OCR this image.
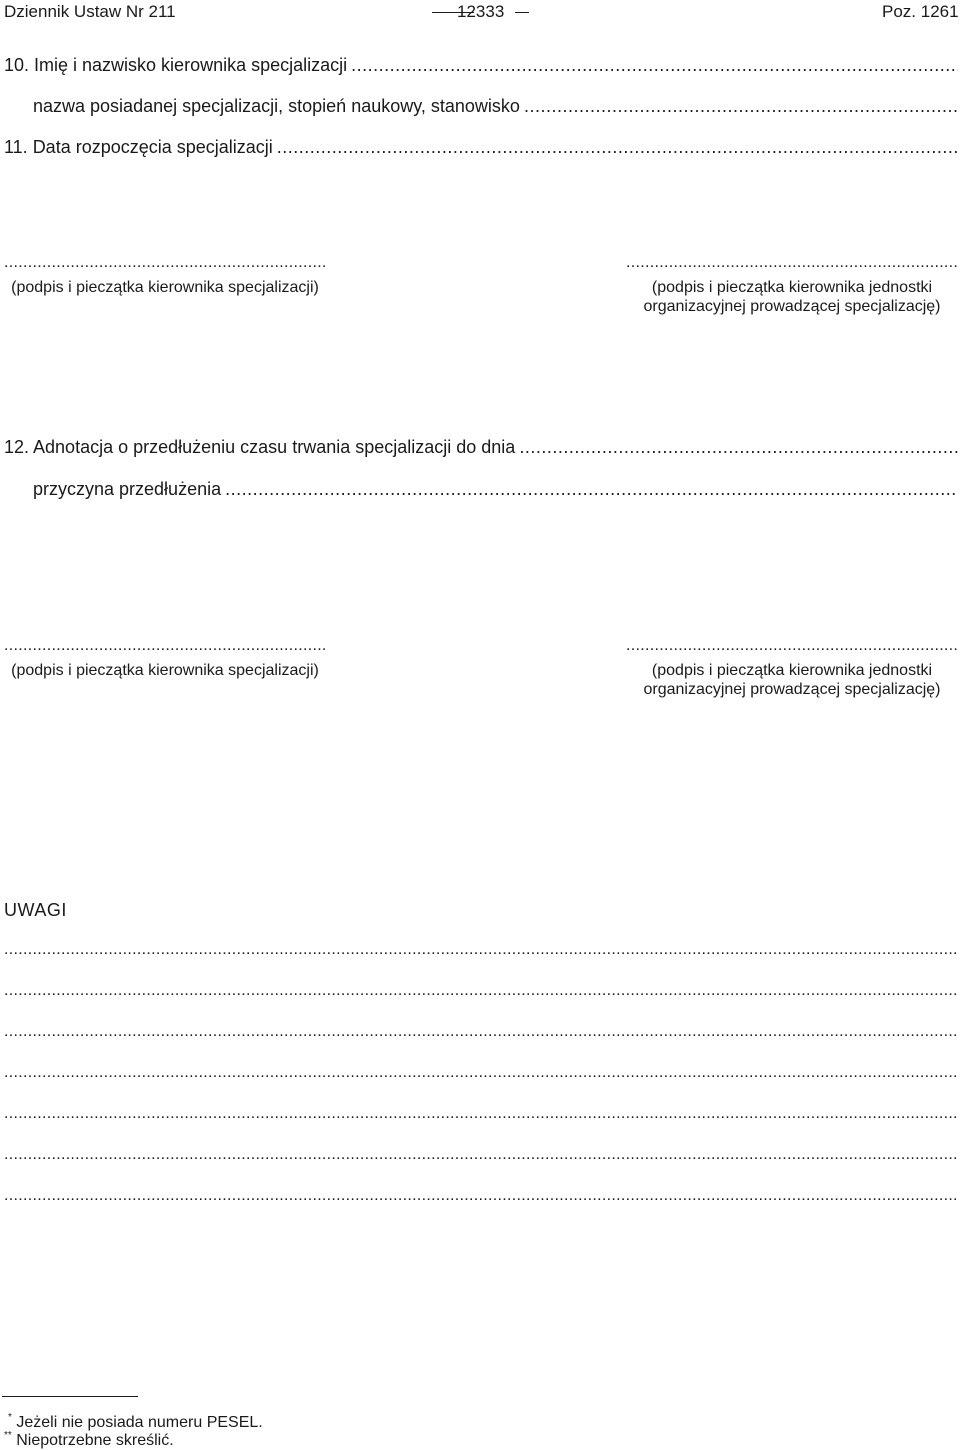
Dziennik Ustaw Nr 211	12333	Poz. 1261
10. Imię i nazwisko kierownika specjalizacji
.....
nazwa posiadanej specjalizacji, stopień naukowy, stanowisko
.....
11. Data rozpoczęcia specjalizacji
.....
.....
(podpis i pieczątka kierownika specjalizacji)
.....	(podpis i pieczątka kierownika jednostki
organizacyjnej prowadzącej specjalizację)
12. Adnotacja o przedłużeniu czasu trwania specjalizacji do dnia
.....
przyczyna przedłużenia
.....
.....
(podpis i pieczątka kierownika specjalizacji)
.....	(podpis i pieczątka kierownika jednostki
organizacyjnej prowadzącej specjalizację)
UWAGI
.....
.....
.....
.....
.....
.....
.....
* Jeżeli nie posiada numeru PESEL.
** Niepotrzebne skreślić.
